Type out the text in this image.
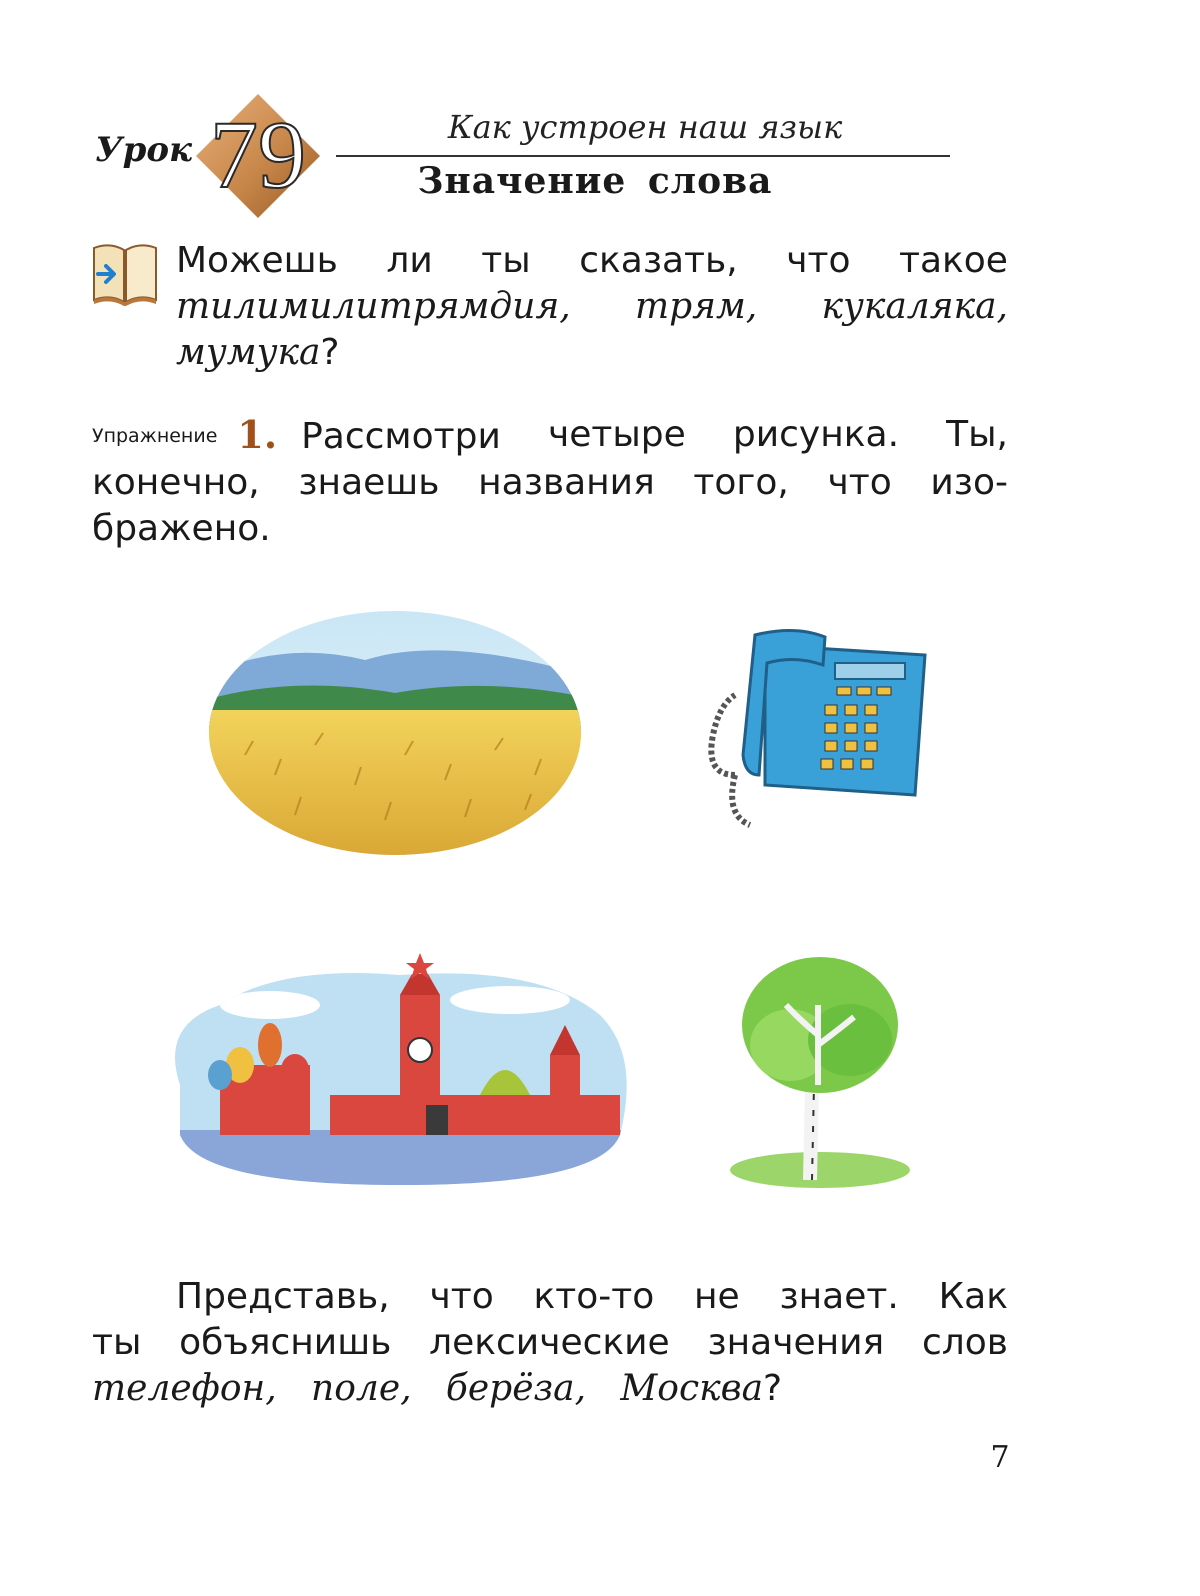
Урок 79	Как устроен наш язык
Значение слова
Можешь ли ты сказать, что такое
тилимилитрямдия, трям, кукаляка,
мумука?
Упражнение 1. Рассмотри четыре рисунка. Ты,
конечно, знаешь названия того, что изо-
бражено.
Представь, что кто-то не знает. Как
ты объяснишь лексические значения слов
телефон, поле, берёза, Москва?
7
